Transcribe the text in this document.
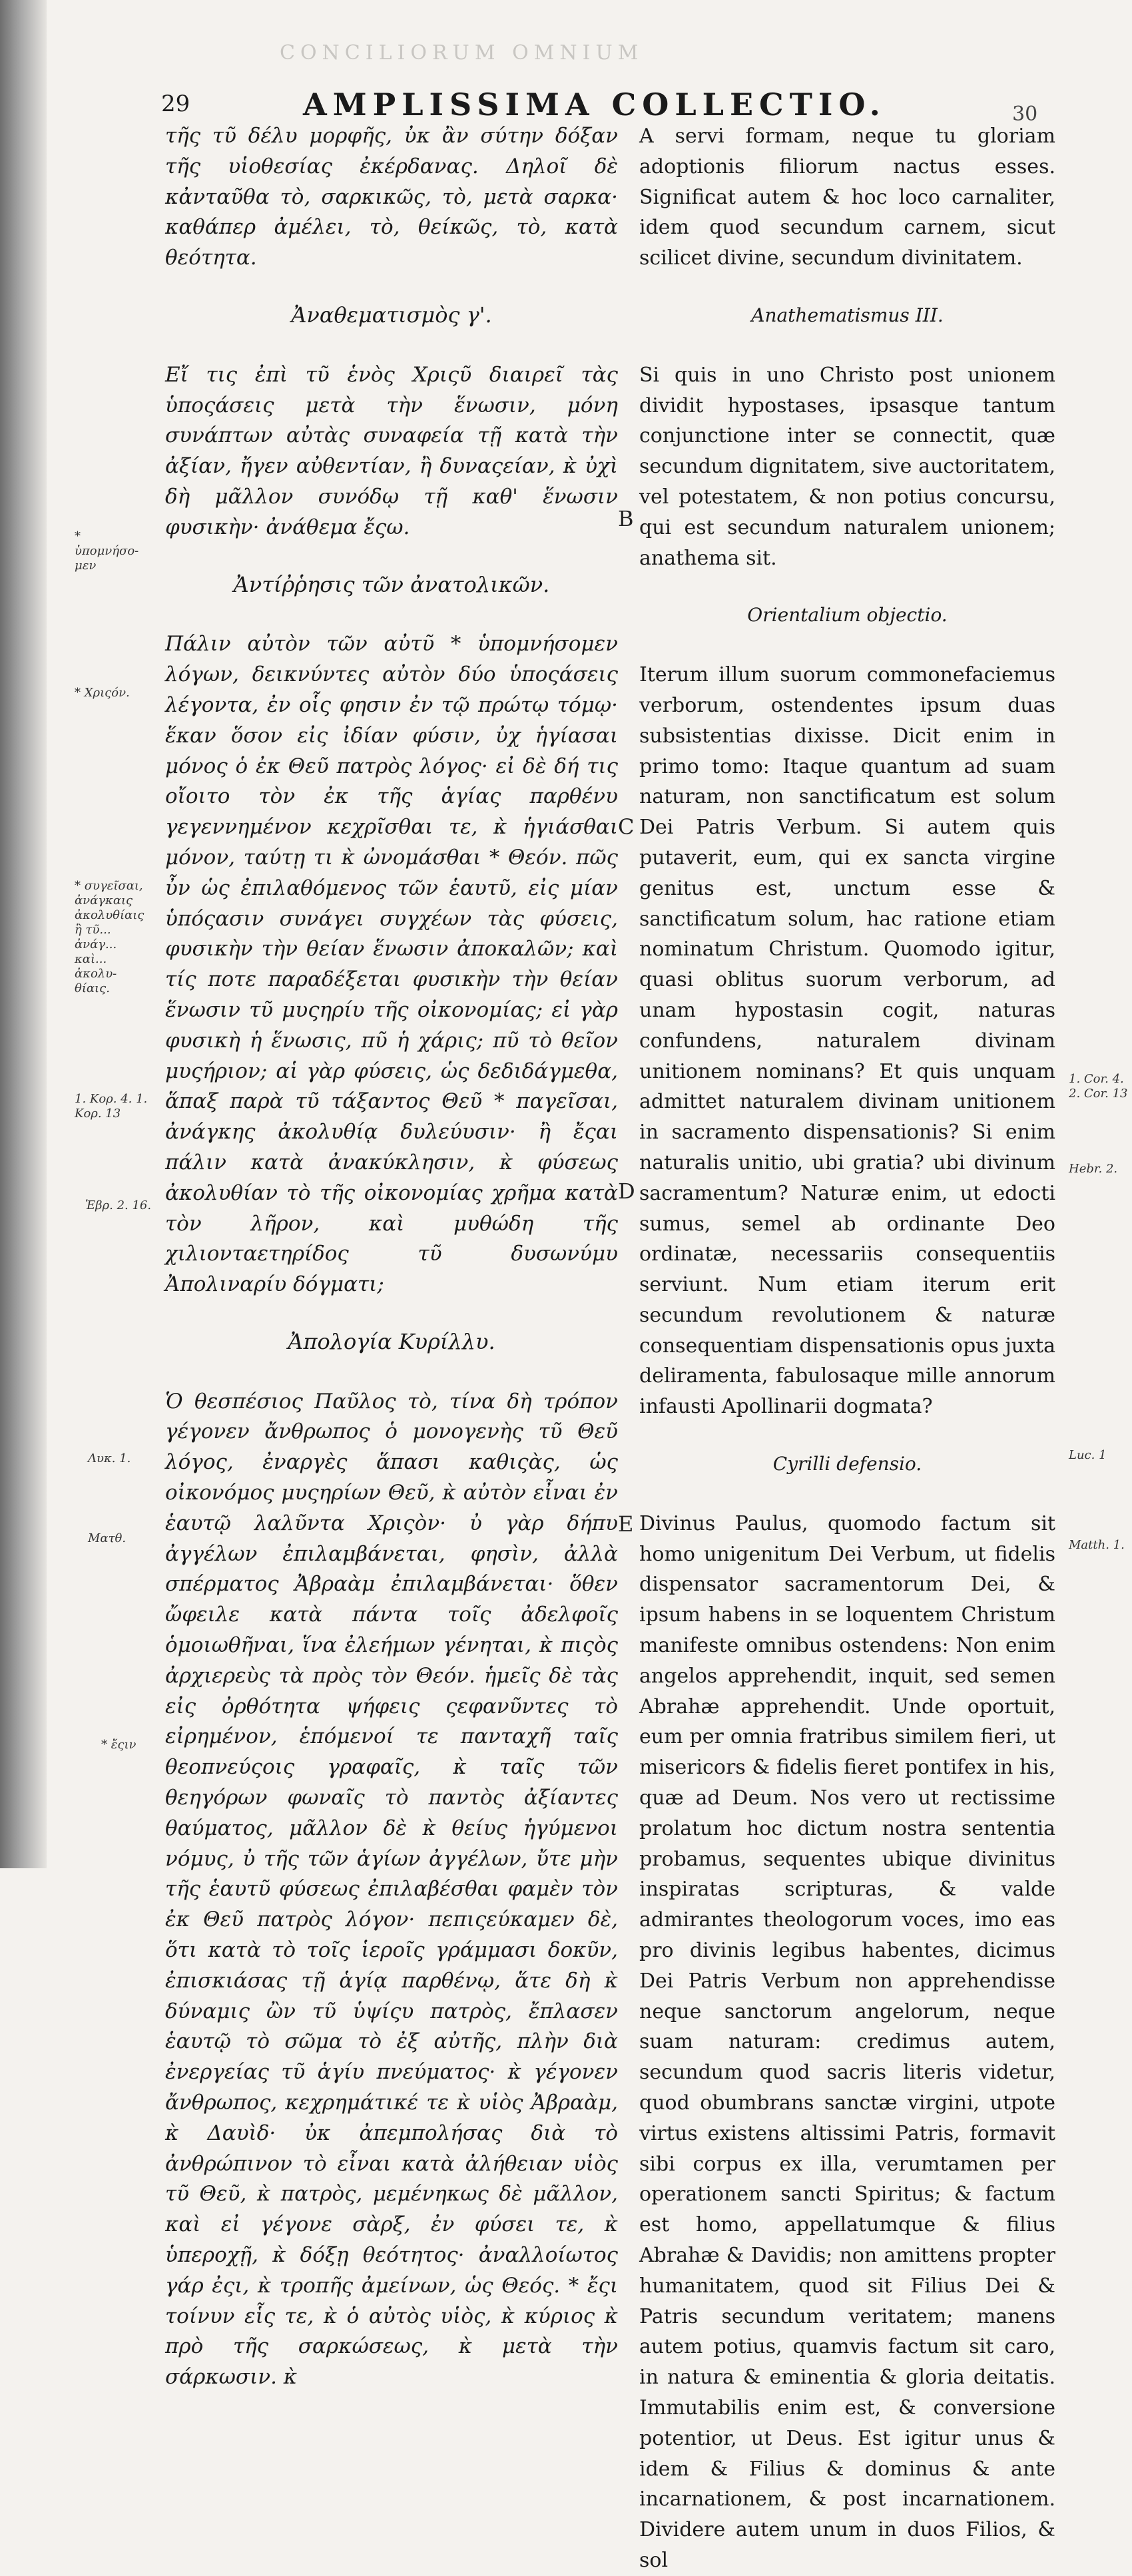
CONCILIORUM OMNIUM
29	AMPLISSIMA COLLECTIO.	30

τῆς τῦ δέλυ μορφῆς, ὐκ ἂν σύτην δόξαν τῆς υἱοθεσίας ἐκέρδανας. Δηλοῖ δὲ κἀνταῦθα τὸ, σαρκικῶς, τὸ, μετὰ σαρκα· καθάπερ ἀμέλει, τὸ, θείκῶς, τὸ, κατὰ θεότητα.

Ἀναθεματισμὸς γ'.

Εἴ τις ἐπὶ τῦ ἑνὸς Χριςῦ διαιρεῖ τὰς ὑποςάσεις μετὰ τὴν ἕνωσιν, μόνη συνάπτων αὐτὰς συναφεία τῇ κατὰ τὴν ἀξίαν, ἤγεν αὐθεντίαν, ἢ δυναςείαν, κ̀ ὐχὶ δὴ μᾶλλον συνόδῳ τῇ καθ' ἕνωσιν φυσικὴν· ἀνάθεμα ἔςω.

Ἀντίῤῥησις τῶν ἀνατολικῶν.

Πάλιν αὐτὸν τῶν αὐτῦ * ὑπομνήσομεν λόγων, δεικνύντες αὐτὸν δύο ὑποςάσεις λέγοντα, ἐν οἷς φησιν ἐν τῷ πρώτῳ τόμῳ· ἕκαν ὅσον εἰς ἰδίαν φύσιν, ὐχ ἡγίασαι μόνος ὁ ἐκ Θεῦ πατρὸς λόγος· εἰ δὲ δή τις οἴοιτο τὸν ἐκ τῆς ἁγίας παρθένυ γεγεννημένον κεχρῖσθαι τε, κ̀ ἡγιάσθαι μόνον, ταύτῃ τι κ̀ ὠνομάσθαι * Θεόν. πῶς ὖν ὡς ἐπιλαθόμενος τῶν ἑαυτῦ, εἰς μίαν ὑπόςασιν συνάγει συγχέων τὰς φύσεις, φυσικὴν τὴν θείαν ἕνωσιν ἀποκαλῶν; καὶ τίς ποτε παραδέξεται φυσικὴν τὴν θείαν ἕνωσιν τῦ μυςηρίυ τῆς οἰκονομίας; εἰ γὰρ φυσικὴ ἡ ἕνωσις, πῦ ἡ χάρις; πῦ τὸ θεῖον μυςήριον; αἱ γὰρ φύσεις, ὡς δεδιδάγμεθα, ἅπαξ παρὰ τῦ τάξαντος Θεῦ * παγεῖσαι, ἀνάγκης ἀκολυθίᾳ δυλεύυσιν· ἢ ἔςαι πάλιν κατὰ ἀνακύκλησιν, κ̀ φύσεως ἀκολυθίαν τὸ τῆς οἰκονομίας χρῆμα κατὰ τὸν λῆρον, καὶ μυθώδη τῆς χιλιονταετηρίδος τῦ δυσωνύμυ Ἀπολιναρίυ δόγματι;

Ἀπολογία Κυρίλλυ.

Ὁ θεσπέσιος Παῦλος τὸ, τίνα δὴ τρόπον γέγονεν ἄνθρωπος ὁ μονογενὴς τῦ Θεῦ λόγος, ἐναργὲς ἅπασι καθιςὰς, ὡς οἰκονόμος μυςηρίων Θεῦ, κ̀ αὐτὸν εἶναι ἐν ἑαυτῷ λαλῦντα Χριςὸν· ὐ γὰρ δήπυ ἀγγέλων ἐπιλαμβάνεται, φησὶν, ἀλλὰ σπέρματος Ἀβραὰμ ἐπιλαμβάνεται· ὅθεν ὤφειλε κατὰ πάντα τοῖς ἀδελφοῖς ὁμοιωθῆναι, ἵνα ἐλεήμων γένηται, κ̀ πιςὸς ἀρχιερεὺς τὰ πρὸς τὸν Θεόν. ἡμεῖς δὲ τὰς εἰς ὀρθότητα ψήφεις ςεφανῦντες τὸ εἰρημένον, ἑπόμενοί τε πανταχῆ ταῖς θεοπνεύςοις γραφαῖς, κ̀ ταῖς τῶν θεηγόρων φωναῖς τὸ παντὸς ἀξίαντες θαύματος, μᾶλλον δὲ κ̀ θείυς ἡγύμενοι νόμυς, ὐ τῆς τῶν ἁγίων ἀγγέλων, ὔτε μὴν τῆς ἑαυτῦ φύσεως ἐπιλαβέσθαι φαμὲν τὸν ἐκ Θεῦ πατρὸς λόγον· πεπιςεύκαμεν δὲ, ὅτι κατὰ τὸ τοῖς ἱεροῖς γράμμασι δοκῦν, ἐπισκιάσας τῇ ἁγίᾳ παρθένῳ, ἅτε δὴ κ̀ δύναμις ὢν τῦ ὑψίςυ πατρὸς, ἔπλασεν ἑαυτῷ τὸ σῶμα τὸ ἐξ αὐτῆς, πλὴν διὰ ἐνεργείας τῦ ἁγίυ πνεύματος· κ̀ γέγονεν ἄνθρωπος, κεχρημάτικέ τε κ̀ υἱὸς Ἀβραὰμ, κ̀ Δαυὶδ· ὐκ ἀπεμπολήσας διὰ τὸ ἀνθρώπινον τὸ εἶναι κατὰ ἀλήθειαν υἱὸς τῦ Θεῦ, κ̀ πατρὸς, μεμένηκως δὲ μᾶλλον, καὶ εἰ γέγονε σὰρξ, ἐν φύσει τε, κ̀ ὑπεροχῇ, κ̀ δόξῃ θεότητος· ἀναλλοίωτος γάρ ἐςι, κ̀ τροπῆς ἀμείνων, ὡς Θεός. * ἔςι τοίνυν εἷς τε, κ̀ ὁ αὐτὸς υἱὸς, κ̀ κύριος κ̀ πρὸ τῆς σαρκώσεως, κ̀ μετὰ τὴν σάρκωσιν. κ̀

A servi formam, neque tu gloriam adoptionis filiorum nactus esses. Significat autem & hoc loco carnaliter, idem quod secundum carnem, sicut scilicet divine, secundum divinitatem.

Anathematismus III.

Si quis in uno Christo post unionem dividit hypostases, ipsasque tantum conjunctione inter se connectit, quæ secundum dignitatem, sive auctoritatem, vel potestatem, & non potius concursu, qui est secundum naturalem unionem; anathema sit.

Orientalium objectio.

Iterum illum suorum commonefaciemus verborum, ostendentes ipsum duas subsistentias dixisse. Dicit enim in primo tomo: Itaque quantum ad suam naturam, non sanctificatum est solum Dei Patris Verbum. Si autem quis putaverit, eum, qui ex sancta virgine genitus est, unctum esse & sanctificatum solum, hac ratione etiam nominatum Christum. Quomodo igitur, quasi oblitus suorum verborum, ad unam hypostasin cogit, naturas confundens, naturalem divinam unitionem nominans? Et quis unquam admittet naturalem divinam unitionem in sacramento dispensationis? Si enim naturalis unitio, ubi gratia? ubi divinum sacramentum? Naturæ enim, ut edocti sumus, semel ab ordinante Deo ordinatæ, necessariis consequentiis serviunt. Num etiam iterum erit secundum revolutionem & naturæ consequentiam dispensationis opus juxta deliramenta, fabulosaque mille annorum infausti Apollinarii dogmata?

Cyrilli defensio.

Divinus Paulus, quomodo factum sit homo unigenitum Dei Verbum, ut fidelis dispensator sacramentorum Dei, & ipsum habens in se loquentem Christum manifeste omnibus ostendens: Non enim angelos apprehendit, inquit, sed semen Abrahæ apprehendit. Unde oportuit, eum per omnia fratribus similem fieri, ut misericors & fidelis fieret pontifex in his, quæ ad Deum. Nos vero ut rectissime prolatum hoc dictum nostra sententia probamus, sequentes ubique divinitus inspiratas scripturas, & valde admirantes theologorum voces, imo eas pro divinis legibus habentes, dicimus Dei Patris Verbum non apprehendisse neque sanctorum angelorum, neque suam naturam: credimus autem, secundum quod sacris literis videtur, quod obumbrans sanctæ virgini, utpote virtus existens altissimi Patris, formavit sibi corpus ex illa, verumtamen per operationem sancti Spiritus; & factum est homo, appellatumque & filius Abrahæ & Davidis; non amittens propter humanitatem, quod sit Filius Dei & Patris secundum veritatem; manens autem potius, quamvis factum sit caro, in natura & eminentia & gloria deitatis. Immutabilis enim est, & conversione potentior, ut Deus. Est igitur unus & idem & Filius & dominus & ante incarnationem, & post incarnationem. Dividere autem unum in duos Filios, & sol

B
C
D
E
* ὑπομνήσο-μεν
* Χριςόν.
* συγεῖσαι, ἀνάγκαις ἀκολυθίαις ἢ τῦ... ἀνάγ... καὶ... ἀκολυ-θίαις.
1. Κορ. 4. 1. Κορ. 13
Ἑβρ. 2. 16.
Λυκ. 1.
Ματθ.
* ἔςιν
1. Cor. 4. 2. Cor. 13
Hebr. 2.
Luc. 1
Matth. 1.
